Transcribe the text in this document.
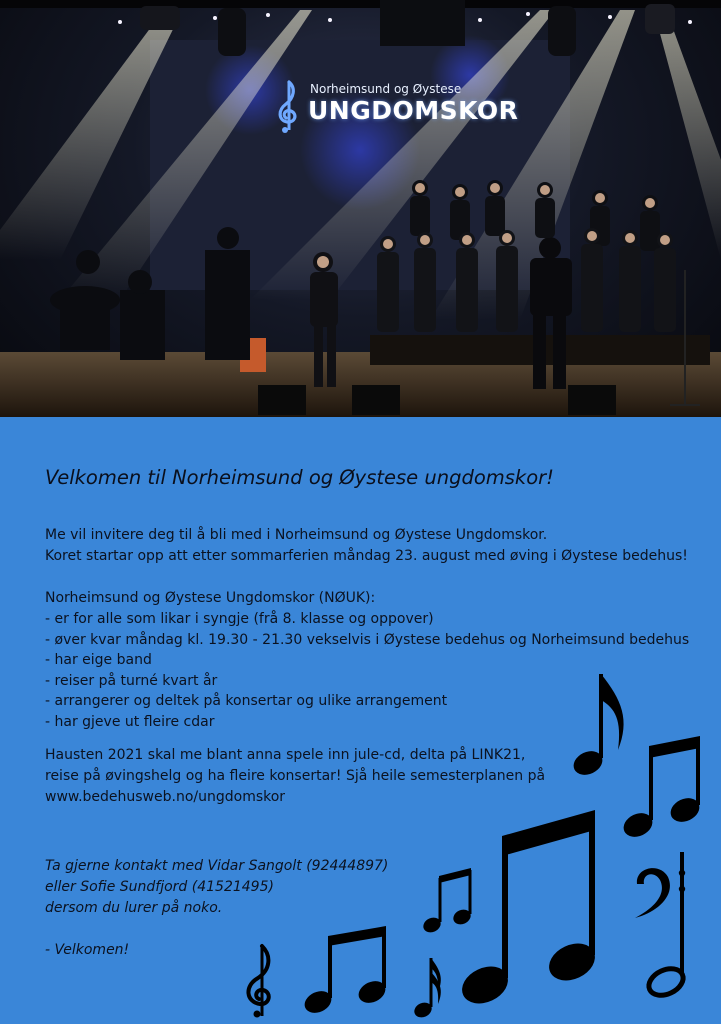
Norheimsund og Øystese
UNGDOMSKOR
Velkomen til Norheimsund og Øystese ungdomskor!

Me vil invitere deg til å bli med i Norheimsund og Øystese Ungdomskor.

Koret startar opp att etter sommarferien måndag 23. august med øving i Øystese bedehus!

Norheimsund og Øystese Ungdomskor (NØUK):

- er for alle som likar i syngje (frå 8. klasse og oppover)
- øver kvar måndag kl. 19.30 - 21.30 vekselvis i Øystese bedehus og Norheimsund bedehus
- har eige band
- reiser på turné kvart år
- arrangerer og deltek på konsertar og ulike arrangement
- har gjeve ut fleire cdar

Hausten 2021 skal me blant anna spele inn jule-cd, delta på LINK21,

reise på øvingshelg og ha fleire konsertar! Sjå heile semesterplanen på

www.bedehusweb.no/ungdomskor

Ta gjerne kontakt med Vidar Sangolt (92444897)

eller Sofie Sundfjord (41521495)

dersom du lurer på noko.

- Velkomen!
